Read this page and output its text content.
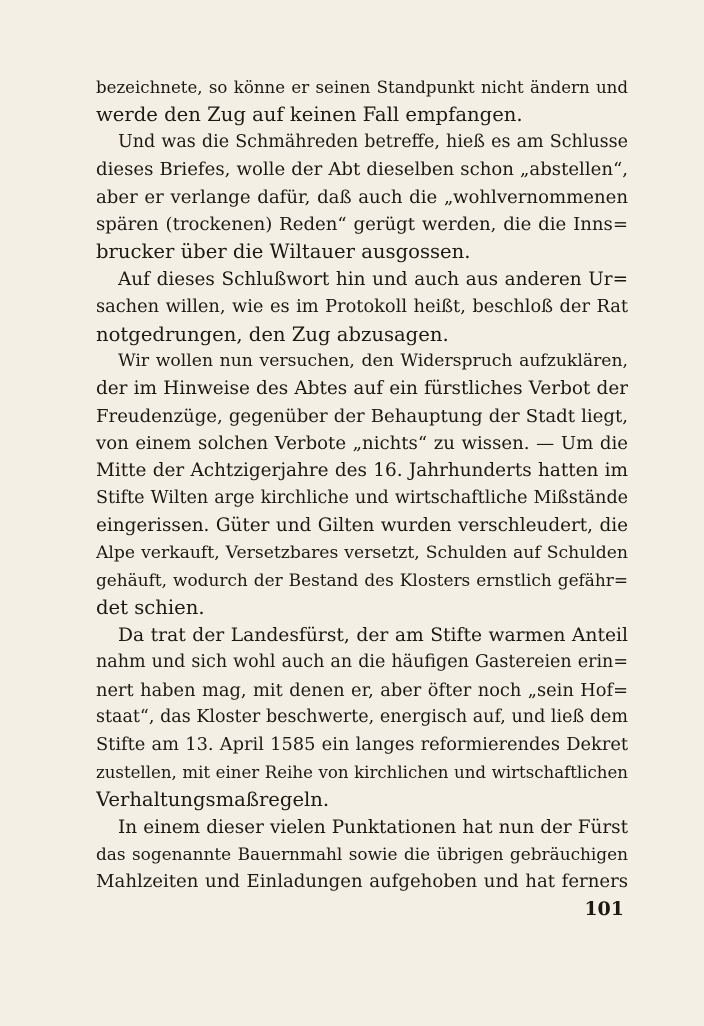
bezeichnete, so könne er seinen Standpunkt nicht ändern und
werde den Zug auf keinen Fall empfangen.
Und was die Schmähreden betreffe, hieß es am Schlusse
dieses Briefes, wolle der Abt dieselben schon „abstellen“,
aber er verlange dafür, daß auch die „wohlvernommenen
spären (trockenen) Reden“ gerügt werden, die die Inns=
brucker über die Wiltauer ausgossen.
Auf dieses Schlußwort hin und auch aus anderen Ur=
sachen willen, wie es im Protokoll heißt, beschloß der Rat
notgedrungen, den Zug abzusagen.
Wir wollen nun versuchen, den Widerspruch aufzuklären,
der im Hinweise des Abtes auf ein fürstliches Verbot der
Freudenzüge, gegenüber der Behauptung der Stadt liegt,
von einem solchen Verbote „nichts“ zu wissen. — Um die
Mitte der Achtzigerjahre des 16. Jahrhunderts hatten im
Stifte Wilten arge kirchliche und wirtschaftliche Mißstände
eingerissen. Güter und Gilten wurden verschleudert, die
Alpe verkauft, Versetzbares versetzt, Schulden auf Schulden
gehäuft, wodurch der Bestand des Klosters ernstlich gefähr=
det schien.
Da trat der Landesfürst, der am Stifte warmen Anteil
nahm und sich wohl auch an die häufigen Gastereien erin=
nert haben mag, mit denen er, aber öfter noch „sein Hof=
staat“, das Kloster beschwerte, energisch auf, und ließ dem
Stifte am 13. April 1585 ein langes reformierendes Dekret
zustellen, mit einer Reihe von kirchlichen und wirtschaftlichen
Verhaltungsmaßregeln.
In einem dieser vielen Punktationen hat nun der Fürst
das sogenannte Bauernmahl sowie die übrigen gebräuchigen
Mahlzeiten und Einladungen aufgehoben und hat ferners
101
